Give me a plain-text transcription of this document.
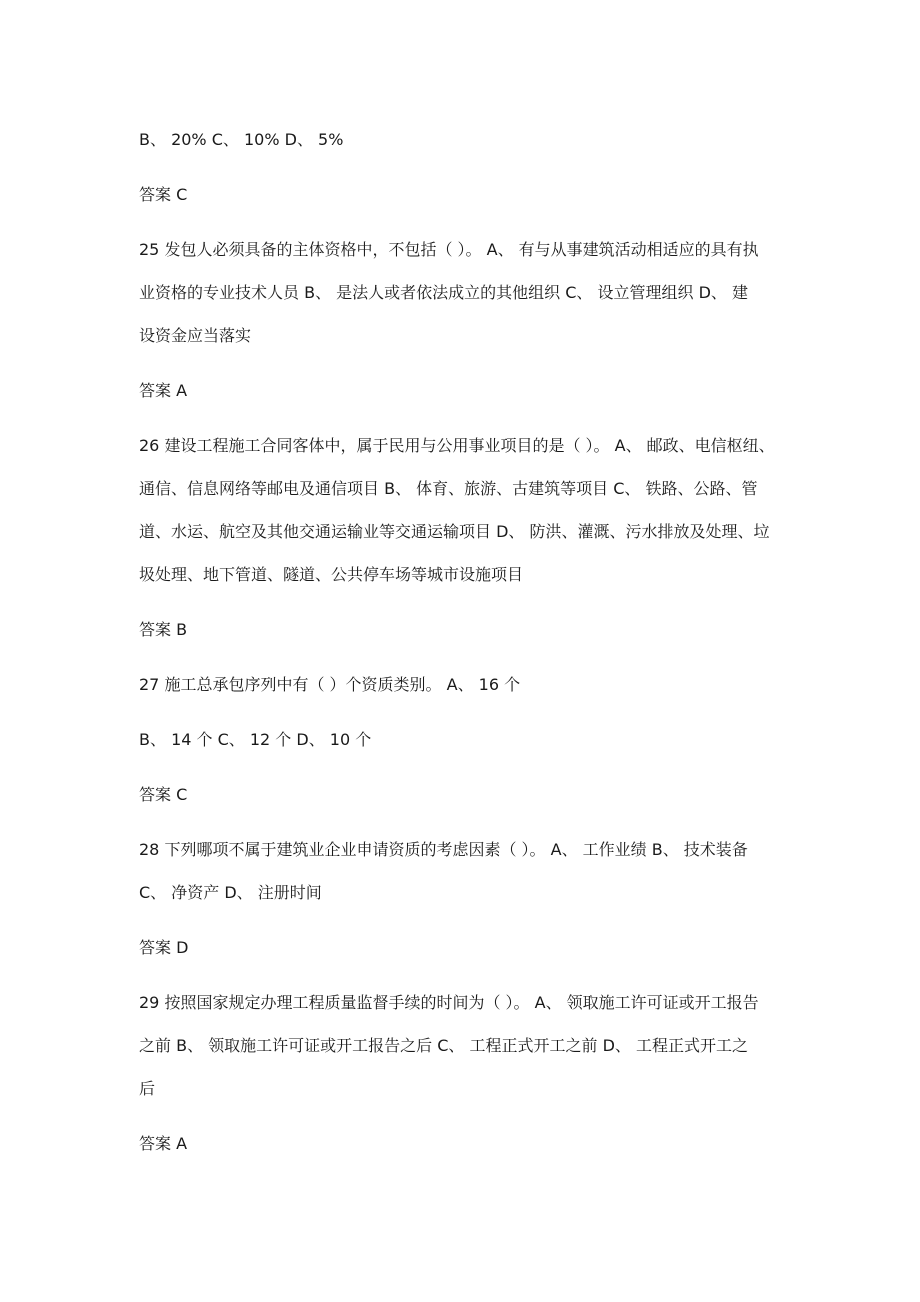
B、 20% C、 10% D、 5%
答案 C
25 发包人必须具备的主体资格中，不包括（ ）。 A、 有与从事建筑活动相适应的具有执
业资格的专业技术人员 B、 是法人或者依法成立的其他组织 C、 设立管理组织 D、 建
设资金应当落实
答案 A
26 建设工程施工合同客体中，属于民用与公用事业项目的是（ ）。 A、 邮政、电信枢纽、
通信、信息网络等邮电及通信项目 B、 体育、旅游、古建筑等项目 C、 铁路、公路、管
道、水运、航空及其他交通运输业等交通运输项目 D、 防洪、灌溉、污水排放及处理、垃
圾处理、地下管道、隧道、公共停车场等城市设施项目
答案 B
27 施工总承包序列中有（ ）个资质类别。 A、 16 个
B、 14 个 C、 12 个 D、 10 个
答案 C
28 下列哪项不属于建筑业企业申请资质的考虑因素（ ）。 A、 工作业绩 B、 技术装备
C、 净资产 D、 注册时间
答案 D
29 按照国家规定办理工程质量监督手续的时间为（ ）。 A、 领取施工许可证或开工报告
之前 B、 领取施工许可证或开工报告之后 C、 工程正式开工之前 D、 工程正式开工之
后
答案 A
